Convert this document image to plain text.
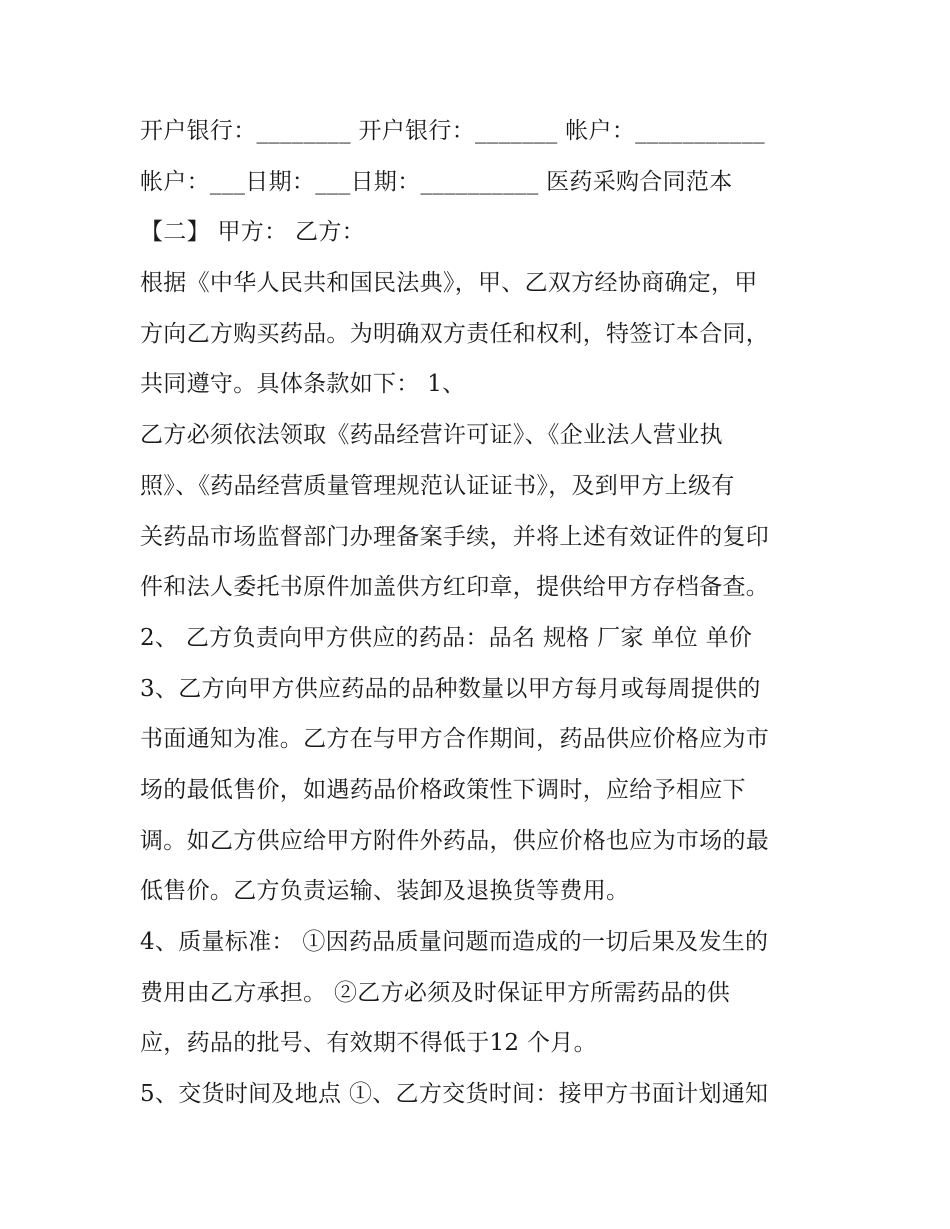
开户银行：________ 开户银行：_______ 帐户：___________
帐户：___日期：___日期：__________ 医药采购合同范本
【二】 甲方： 乙方：
根据《中华人民共和国民法典》，甲、乙双方经协商确定，甲
方向乙方购买药品。为明确双方责任和权利，特签订本合同，
共同遵守。具体条款如下： 1、
乙方必须依法领取《药品经营许可证》、《企业法人营业执
照》、《药品经营质量管理规范认证证书》，及到甲方上级有
关药品市场监督部门办理备案手续，并将上述有效证件的复印
件和法人委托书原件加盖供方红印章，提供给甲方存档备查。
2、 乙方负责向甲方供应的药品：品名 规格 厂家 单位 单价
3、乙方向甲方供应药品的品种数量以甲方每月或每周提供的
书面通知为准。乙方在与甲方合作期间，药品供应价格应为市
场的最低售价，如遇药品价格政策性下调时，应给予相应下
调。如乙方供应给甲方附件外药品，供应价格也应为市场的最
低售价。乙方负责运输、装卸及退换货等费用。
4、质量标准： ①因药品质量问题而造成的一切后果及发生的
费用由乙方承担。 ②乙方必须及时保证甲方所需药品的供
应，药品的批号、有效期不得低于12 个月。
5、交货时间及地点 ①、乙方交货时间：接甲方书面计划通知
